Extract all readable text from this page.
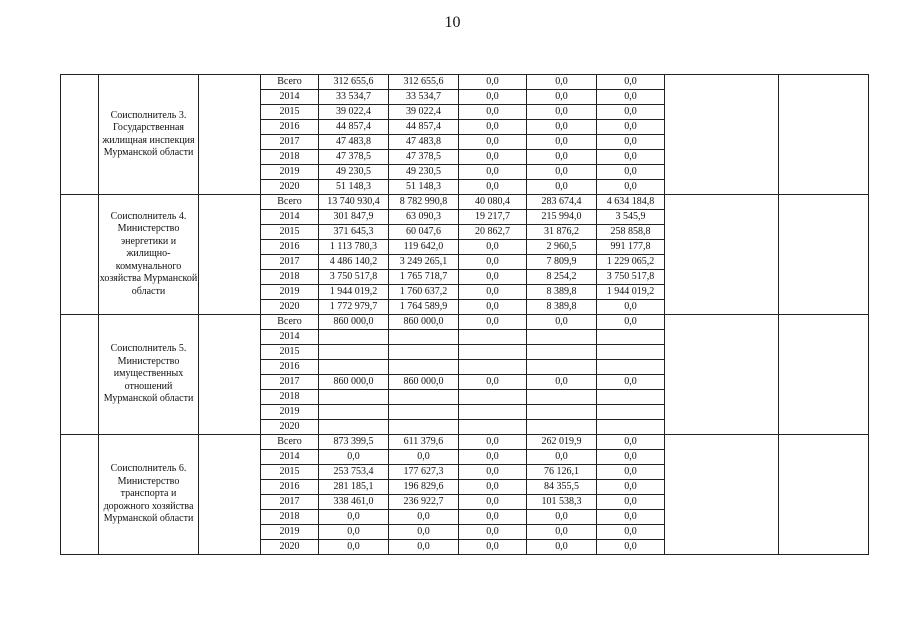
10
	Соисполнитель 3. Государственная жилищная инспекция Мурманской области		Всего	312 655,6	312 655,6	0,0	0,0	0,0		
			2014	33 534,7	33 534,7	0,0	0,0	0,0		
			2015	39 022,4	39 022,4	0,0	0,0	0,0		
			2016	44 857,4	44 857,4	0,0	0,0	0,0		
			2017	47 483,8	47 483,8	0,0	0,0	0,0		
			2018	47 378,5	47 378,5	0,0	0,0	0,0		
			2019	49 230,5	49 230,5	0,0	0,0	0,0		
			2020	51 148,3	51 148,3	0,0	0,0	0,0		
	Соисполнитель 4. Министерство энергетики и жилищно-коммунального хозяйства Мурманской области		Всего	13 740 930,4	8 782 990,8	40 080,4	283 674,4	4 634 184,8		
			2014	301 847,9	63 090,3	19 217,7	215 994,0	3 545,9		
			2015	371 645,3	60 047,6	20 862,7	31 876,2	258 858,8		
			2016	1 113 780,3	119 642,0	0,0	2 960,5	991 177,8		
			2017	4 486 140,2	3 249 265,1	0,0	7 809,9	1 229 065,2		
			2018	3 750 517,8	1 765 718,7	0,0	8 254,2	3 750 517,8		
			2019	1 944 019,2	1 760 637,2	0,0	8 389,8	1 944 019,2		
			2020	1 772 979,7	1 764 589,9	0,0	8 389,8	0,0		
	Соисполнитель 5. Министерство имущественных отношений Мурманской области		Всего	860 000,0	860 000,0	0,0	0,0	0,0		
			2014							
			2015							
			2016							
			2017	860 000,0	860 000,0	0,0	0,0	0,0		
			2018							
			2019							
			2020							
	Соисполнитель 6. Министерство транспорта и дорожного хозяйства Мурманской области		Всего	873 399,5	611 379,6	0,0	262 019,9	0,0		
			2014	0,0	0,0	0,0	0,0	0,0		
			2015	253 753,4	177 627,3	0,0	76 126,1	0,0		
			2016	281 185,1	196 829,6	0,0	84 355,5	0,0		
			2017	338 461,0	236 922,7	0,0	101 538,3	0,0		
			2018	0,0	0,0	0,0	0,0	0,0		
			2019	0,0	0,0	0,0	0,0	0,0		
			2020	0,0	0,0	0,0	0,0	0,0		
